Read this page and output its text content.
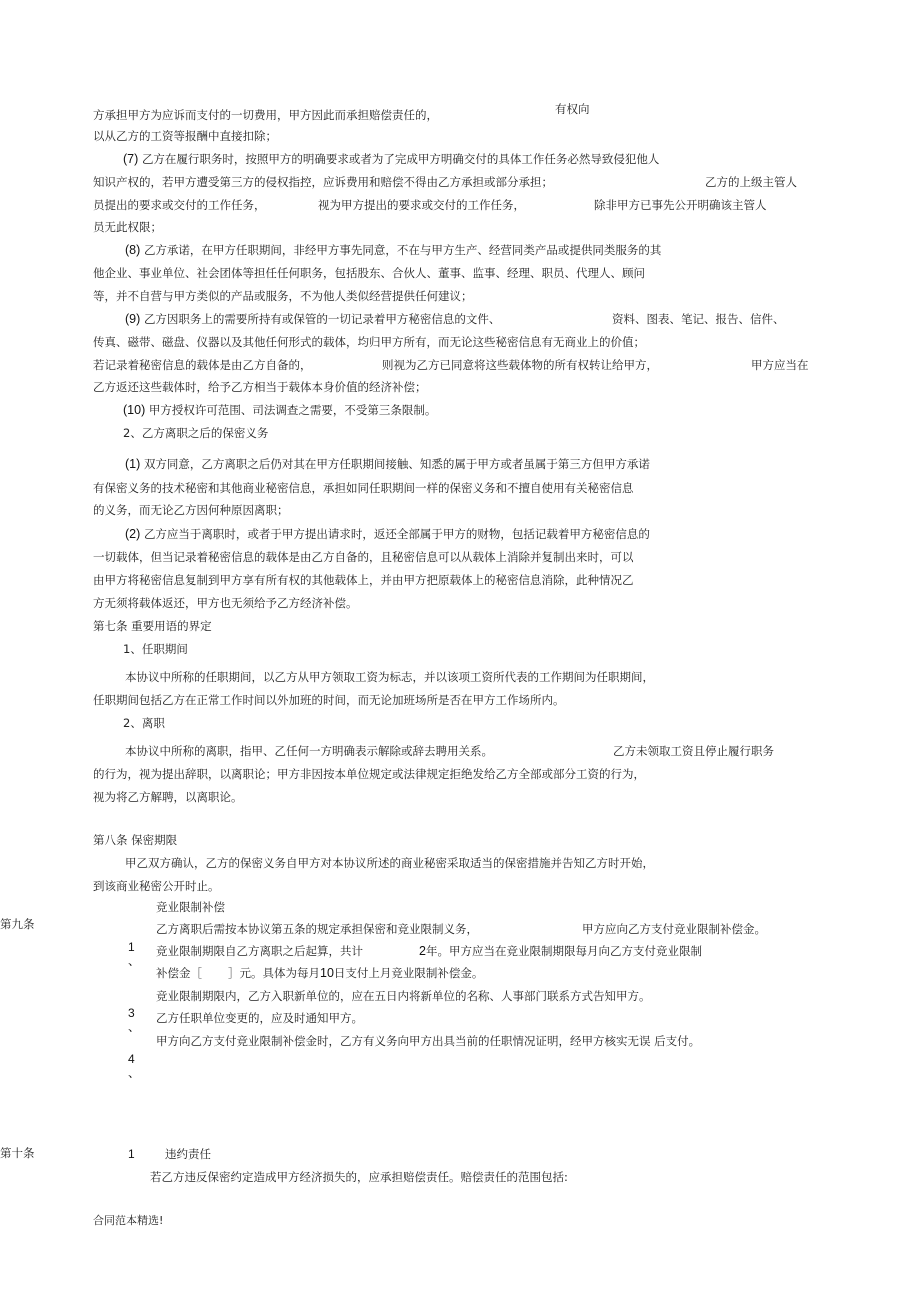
方承担甲方为应诉而支付的一切费用，甲方因此而承担赔偿责任的，	有权向
以从乙方的工资等报酬中直接扣除；
(7) 乙方在履行职务时，按照甲方的明确要求或者为了完成甲方明确交付的具体工作任务必然导致侵犯他人
知识产权的，若甲方遭受第三方的侵权指控，应诉费用和赔偿不得由乙方承担或部分承担；	乙方的上级主管人
员提出的要求或交付的工作任务，	视为甲方提出的要求或交付的工作任务，	除非甲方已事先公开明确该主管人
员无此权限；
(8) 乙方承诺，在甲方任职期间，非经甲方事先同意，不在与甲方生产、经营同类产品或提供同类服务的其
他企业、事业单位、社会团体等担任任何职务，包括股东、合伙人、董事、监事、经理、职员、代理人、顾问
等，并不自营与甲方类似的产品或服务，不为他人类似经营提供任何建议；
(9) 乙方因职务上的需要所持有或保管的一切记录着甲方秘密信息的文件、	资料、图表、笔记、报告、信件、
传真、磁带、磁盘、仪器以及其他任何形式的载体，均归甲方所有，而无论这些秘密信息有无商业上的价值；
若记录着秘密信息的载体是由乙方自备的，	则视为乙方已同意将这些载体物的所有权转让给甲方，	甲方应当在
乙方返还这些载体时，给予乙方相当于载体本身价值的经济补偿；
(10) 甲方授权许可范围、司法调查之需要，不受第三条限制。
2、乙方离职之后的保密义务
(1) 双方同意，乙方离职之后仍对其在甲方任职期间接触、知悉的属于甲方或者虽属于第三方但甲方承诺
有保密义务的技术秘密和其他商业秘密信息，承担如同任职期间一样的保密义务和不擅自使用有关秘密信息
的义务，而无论乙方因何种原因离职；
(2) 乙方应当于离职时，或者于甲方提出请求时，返还全部属于甲方的财物，包括记载着甲方秘密信息的
一切载体，但当记录着秘密信息的载体是由乙方自备的，且秘密信息可以从载体上消除并复制出来时，可以
由甲方将秘密信息复制到甲方享有所有权的其他载体上，并由甲方把原载体上的秘密信息消除，此种情况乙
方无须将载体返还，甲方也无须给予乙方经济补偿。
第七条 重要用语的界定
1、任职期间
本协议中所称的任职期间，以乙方从甲方领取工资为标志，并以该项工资所代表的工作期间为任职期间，
任职期间包括乙方在正常工作时间以外加班的时间，而无论加班场所是否在甲方工作场所内。
2、离职
本协议中所称的离职，指甲、乙任何一方明确表示解除或辞去聘用关系。	乙方未领取工资且停止履行职务
的行为，视为提出辞职，以离职论；甲方非因按本单位规定或法律规定拒绝发给乙方全部或部分工资的行为，
视为将乙方解聘，以离职论。
第八条 保密期限
甲乙双方确认，乙方的保密义务自甲方对本协议所述的商业秘密采取适当的保密措施并告知乙方时开始，
到该商业秘密公开时止。
第九条
竞业限制补偿
乙方离职后需按本协议第五条的规定承担保密和竞业限制义务，	甲方应向乙方支付竞业限制补偿金。
1
、
竞业限制期限自乙方离职之后起算，共计	2年。甲方应当在竞业限制期限每月向乙方支付竞业限制
补偿金［ ］元。具体为每月10日支付上月竞业限制补偿金。
竞业限制期限内，乙方入职新单位的，应在五日内将新单位的名称、人事部门联系方式告知甲方。
3
、
乙方任职单位变更的，应及时通知甲方。
甲方向乙方支付竞业限制补偿金时，乙方有义务向甲方出具当前的任职情况证明，经甲方核实无误 后支付。
4
、
第十条	1	违约责任
若乙方违反保密约定造成甲方经济损失的，应承担赔偿责任。赔偿责任的范围包括:
合同范本精选!
